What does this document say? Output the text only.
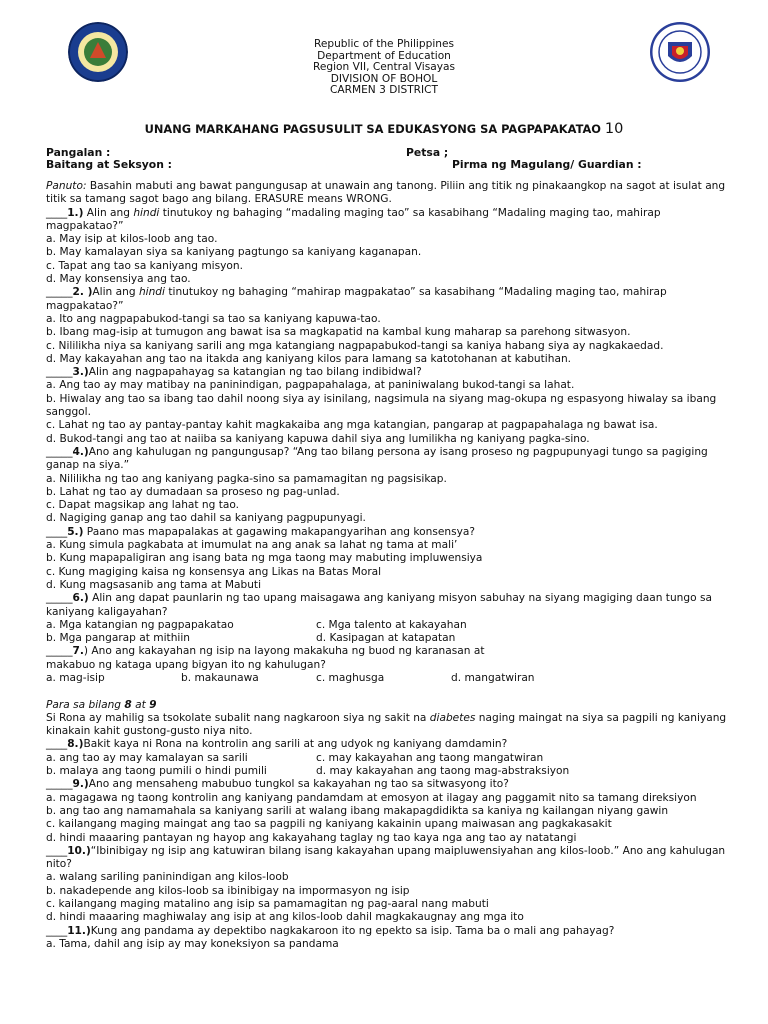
Republic of the Philippines
Department of Education
Region VII, Central Visayas
DIVISION OF BOHOL
CARMEN 3 DISTRICT
UNANG MARKAHANG PAGSUSULIT SA EDUKASYONG SA PAGPAPAKATAO 10
Pangalan :	Petsa ;
Baitang at Seksyon :	Pirma ng Magulang/ Guardian :

Panuto: Basahin mabuti ang bawat pangungusap at unawain ang tanong. Piliin ang titik ng pinakaangkop na sagot at isulat ang titik sa tamang sagot bago ang bilang. ERASURE means WRONG.

____1.) Alin ang hindi tinutukoy ng bahaging “madaling maging tao” sa kasabihang “Madaling maging tao, mahirap magpakatao?”

a. May isip at kilos-loob ang tao.

b. May kamalayan siya sa kaniyang pagtungo sa kaniyang kaganapan.

c. Tapat ang tao sa kaniyang misyon.

d. May konsensiya ang tao.

_____2. )Alin ang hindi tinutukoy ng bahaging “mahirap magpakatao” sa kasabihang “Madaling maging tao, mahirap magpakatao?”

a. Ito ang nagpapabukod-tangi sa tao sa kaniyang kapuwa-tao.

b. Ibang mag-isip at tumugon ang bawat isa sa magkapatid na kambal kung maharap sa parehong sitwasyon.

c. Nililikha niya sa kaniyang sarili ang mga katangiang nagpapabukod-tangi sa kaniya habang siya ay nagkakaedad.

d. May kakayahan ang tao na itakda ang kaniyang kilos para lamang sa katotohanan at kabutihan.

_____3.)Alin ang nagpapahayag sa katangian ng tao bilang indibidwal?

a. Ang tao ay may matibay na paninindigan, pagpapahalaga, at paniniwalang bukod-tangi sa lahat.

b. Hiwalay ang tao sa ibang tao dahil noong siya ay isinilang, nagsimula na siyang mag-okupa ng espasyong hiwalay sa ibang sanggol.

c. Lahat ng tao ay pantay-pantay kahit magkakaiba ang mga katangian, pangarap at pagpapahalaga ng bawat isa.

d. Bukod-tangi ang tao at naiiba sa kaniyang kapuwa dahil siya ang lumilikha ng kaniyang pagka-sino.

_____4.)Ano ang kahulugan ng pangungusap? “Ang tao bilang persona ay isang proseso ng pagpupunyagi tungo sa pagiging

ganap na siya.”

a. Nililikha ng tao ang kaniyang pagka-sino sa pamamagitan ng pagsisikap.

b. Lahat ng tao ay dumadaan sa proseso ng pag-unlad.

c. Dapat magsikap ang lahat ng tao.

d. Nagiging ganap ang tao dahil sa kaniyang pagpupunyagi.

____5.) Paano mas mapapalakas at gagawing makapangyarihan ang konsensya?

a. Kung simula pagkabata at imumulat na ang anak sa lahat ng tama at mali’

b. Kung mapapaligiran ang isang bata ng mga taong may mabuting impluwensiya

c. Kung magiging kaisa ng konsensya ang Likas na Batas Moral

d. Kung magsasanib ang tama at Mabuti

_____6.) Alin ang dapat paunlarin ng tao upang maisagawa ang kaniyang misyon sabuhay na siyang magiging daan tungo sa kaniyang kaligayahan?

a. Mga katangian ng pagpapakatao	c. Mga talento at kakayahan
b. Mga pangarap at mithiin	d. Kasipagan at katapatan

_____7.) Ano ang kakayahan ng isip na layong makakuha ng buod ng karanasan at

makabuo ng kataga upang bigyan ito ng kahulugan?

a. mag-isip	b. makaunawa	c. maghusga	d. mangatwiran

Para sa bilang 8 at 9

Si Rona ay mahilig sa tsokolate subalit nang nagkaroon siya ng sakit na diabetes naging maingat na siya sa pagpili ng kaniyang kinakain kahit gustong-gusto niya nito.

____8.)Bakit kaya ni Rona na kontrolin ang sarili at ang udyok ng kaniyang damdamin?

a. ang tao ay may kamalayan sa sarili	c. may kakayahan ang taong mangatwiran
b. malaya ang taong pumili o hindi pumili	d. may kakayahan ang taong mag-abstraksiyon

_____9.)Ano ang mensaheng mabubuo tungkol sa kakayahan ng tao sa sitwasyong ito?

a. magagawa ng taong kontrolin ang kaniyang pandamdam at emosyon at ilagay ang paggamit nito sa tamang direksiyon

b. ang tao ang namamahala sa kaniyang sarili at walang ibang makapagdidikta sa kaniya ng kailangan niyang gawin

c. kailangang maging maingat ang tao sa pagpili ng kaniyang kakainin upang maiwasan ang pagkakasakit

d. hindi maaaring pantayan ng hayop ang kakayahang taglay ng tao kaya nga ang tao ay natatangi

____10.)“Ibinibigay ng isip ang katuwiran bilang isang kakayahan upang maipluwensiyahan ang kilos-loob.” Ano ang kahulugan nito?

a. walang sariling paninindigan ang kilos-loob

b. nakadepende ang kilos-loob sa ibinibigay na impormasyon ng isip

c. kailangang maging matalino ang isip sa pamamagitan ng pag-aaral nang mabuti

d. hindi maaaring maghiwalay ang isip at ang kilos-loob dahil magkakaugnay ang mga ito

____11.)Kung ang pandama ay depektibo nagkakaroon ito ng epekto sa isip. Tama ba o mali ang pahayag?

a. Tama, dahil ang isip ay may koneksiyon sa pandama
